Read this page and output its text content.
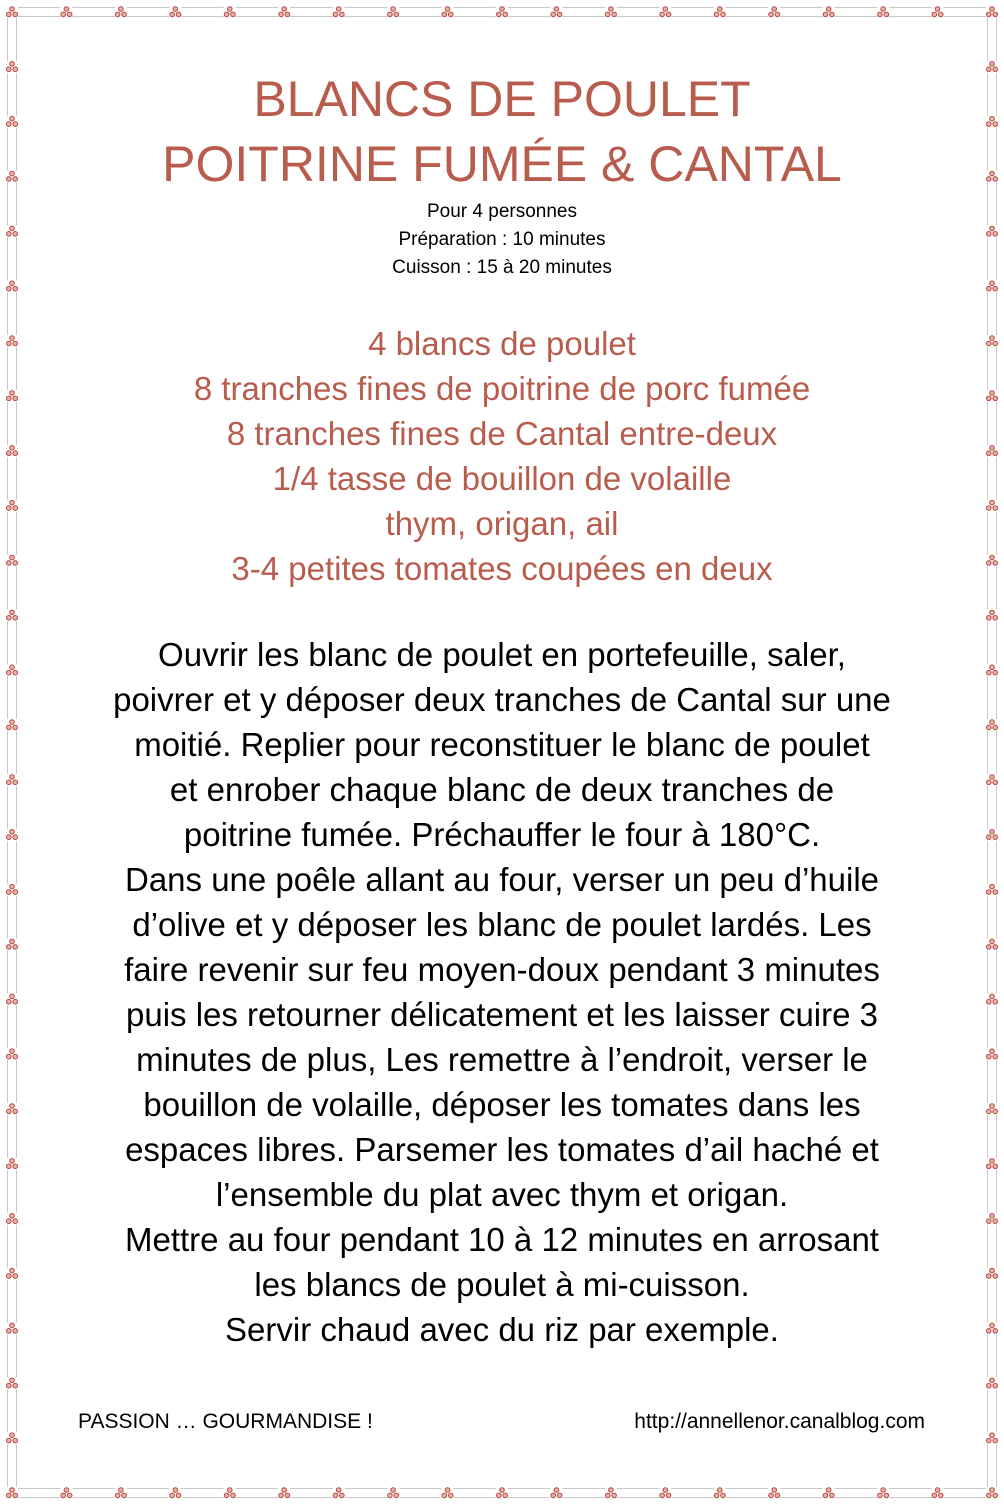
BLANCS DE POULET
POITRINE FUMÉE & CANTAL
Pour 4 personnes
Préparation : 10 minutes
Cuisson : 15 à 20 minutes
4 blancs de poulet
8 tranches fines de poitrine de porc fumée
8 tranches fines de Cantal entre-deux
1/4 tasse de bouillon de volaille
thym, origan, ail
3-4 petites tomates coupées en deux
Ouvrir les blanc de poulet en portefeuille, saler,
poivrer et y déposer deux tranches de Cantal sur une
moitié. Replier pour reconstituer le blanc de poulet
et enrober chaque blanc de deux tranches de
poitrine fumée. Préchauffer le four à 180°C.
Dans une poêle allant au four, verser un peu d’huile
d’olive et y déposer les blanc de poulet lardés. Les
faire revenir sur feu moyen-doux pendant 3 minutes
puis les retourner délicatement et les laisser cuire 3
minutes de plus, Les remettre à l’endroit, verser le
bouillon de volaille, déposer les tomates dans les
espaces libres. Parsemer les tomates d’ail haché et
l’ensemble du plat avec thym et origan.
Mettre au four pendant 10 à 12 minutes en arrosant
les blancs de poulet à mi-cuisson.
Servir chaud avec du riz par exemple.
PASSION … GOURMANDISE !	http://annellenor.canalblog.com
